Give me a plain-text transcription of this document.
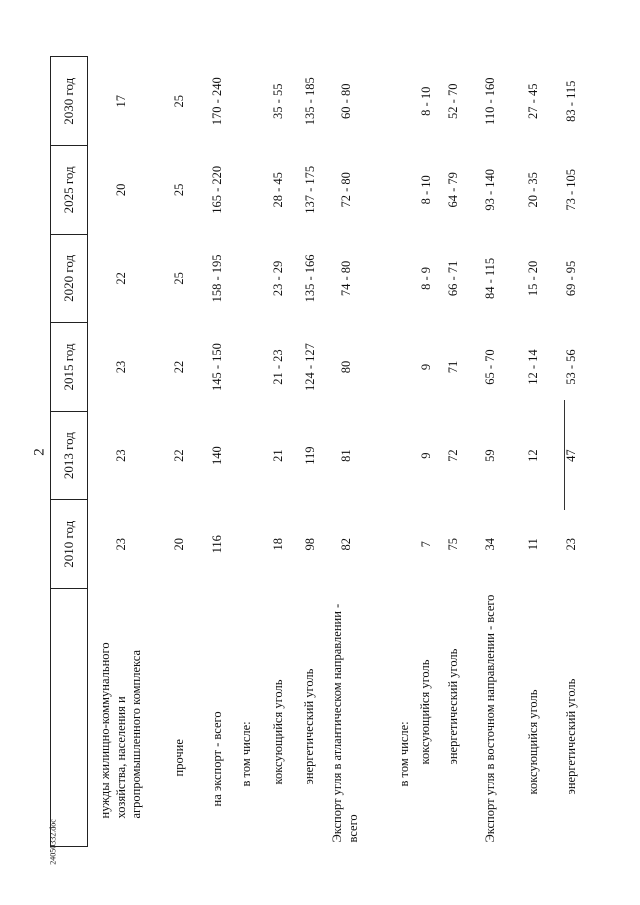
2
24050332.doc
	2010 год	2013 год	2015 год	2020 год	2025 год	2030 год
нужды жилищно-коммунального хозяйства, населения и агропромышленного комплекса	23	23	23	22	20	17
прочие	20	22	22	25	25	25
на экспорт - всего	116	140	145 - 150	158 - 195	165 - 220	170 - 240
в том числе:						
коксующийся уголь	18	21	21 - 23	23 - 29	28 - 45	35 - 55
энергетический уголь	98	119	124 - 127	135 - 166	137 - 175	135 - 185
Экспорт угля в атлантическом направлении - всего	82	81	80	74 - 80	72 - 80	60 - 80
в том числе:						
коксующийся уголь	7	9	9	8 - 9	8 - 10	8 - 10
энергетический уголь	75	72	71	66 - 71	64 - 79	52 - 70
Экспорт угля в восточном направлении - всего	34	59	65 - 70	84 - 115	93 - 140	110 - 160
коксующийся уголь	11	12	12 - 14	15 - 20	20 - 35	27 - 45
энергетический уголь	23	47	53 - 56	69 - 95	73 - 105	83 - 115
